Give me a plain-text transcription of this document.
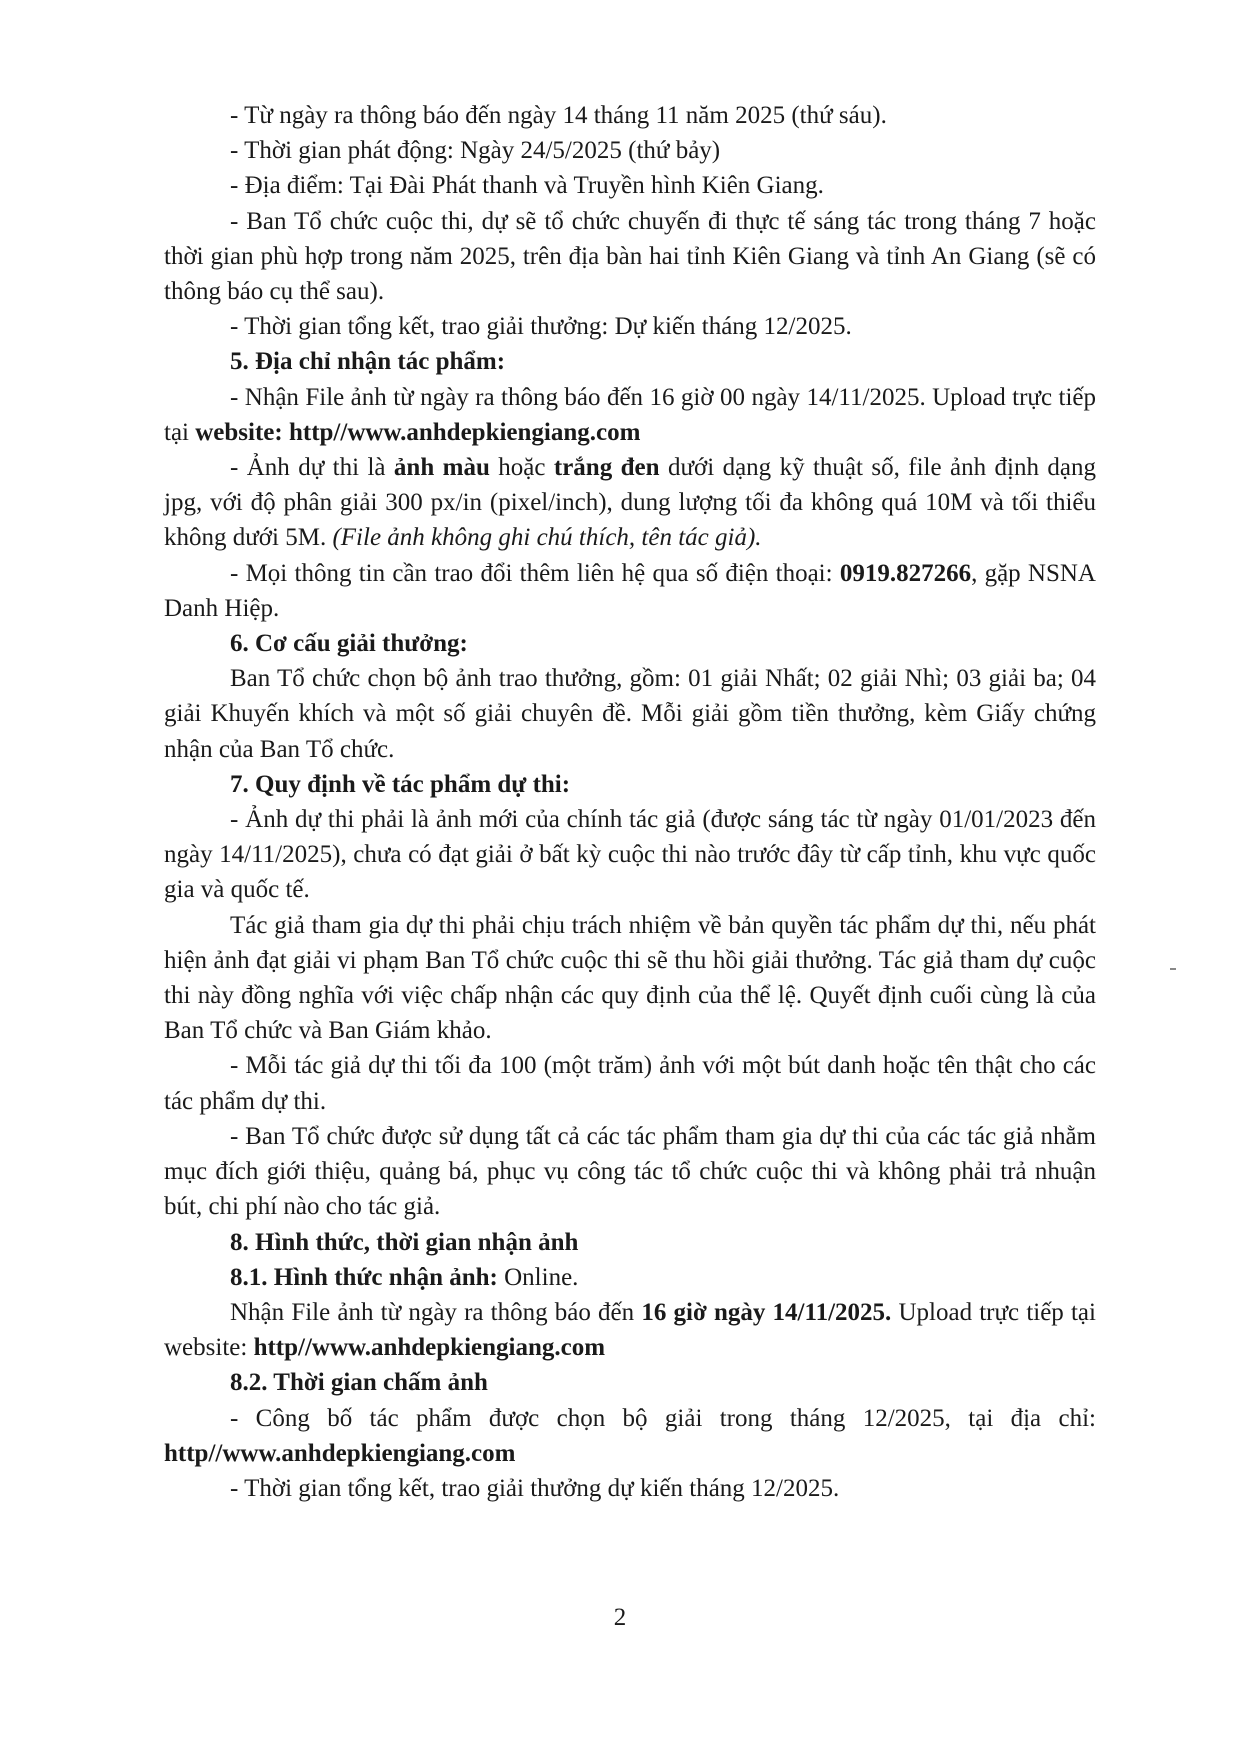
- Từ ngày ra thông báo đến ngày 14 tháng 11 năm 2025 (thứ sáu).

- Thời gian phát động: Ngày 24/5/2025 (thứ bảy)

- Địa điểm: Tại Đài Phát thanh và Truyền hình Kiên Giang.

- Ban Tổ chức cuộc thi, dự sẽ tổ chức chuyến đi thực tế sáng tác trong tháng 7 hoặc thời gian phù hợp trong năm 2025, trên địa bàn hai tỉnh Kiên Giang và tỉnh An Giang (sẽ có thông báo cụ thể sau).

- Thời gian tổng kết, trao giải thưởng: Dự kiến tháng 12/2025.

5. Địa chỉ nhận tác phẩm:

- Nhận File ảnh từ ngày ra thông báo đến 16 giờ 00 ngày 14/11/2025. Upload trực tiếp tại website: http//www.anhdepkiengiang.com

- Ảnh dự thi là ảnh màu hoặc trắng đen dưới dạng kỹ thuật số, file ảnh định dạng jpg, với độ phân giải 300 px/in (pixel/inch), dung lượng tối đa không quá 10M và tối thiểu không dưới 5M. (File ảnh không ghi chú thích, tên tác giả).

- Mọi thông tin cần trao đổi thêm liên hệ qua số điện thoại: 0919.827266, gặp NSNA Danh Hiệp.

6. Cơ cấu giải thưởng:

Ban Tổ chức chọn bộ ảnh trao thưởng, gồm: 01 giải Nhất; 02 giải Nhì; 03 giải ba; 04 giải Khuyến khích và một số giải chuyên đề. Mỗi giải gồm tiền thưởng, kèm Giấy chứng nhận của Ban Tổ chức.

7. Quy định về tác phẩm dự thi:

- Ảnh dự thi phải là ảnh mới của chính tác giả (được sáng tác từ ngày 01/01/2023 đến ngày 14/11/2025), chưa có đạt giải ở bất kỳ cuộc thi nào trước đây từ cấp tỉnh, khu vực quốc gia và quốc tế.

Tác giả tham gia dự thi phải chịu trách nhiệm về bản quyền tác phẩm dự thi, nếu phát hiện ảnh đạt giải vi phạm Ban Tổ chức cuộc thi sẽ thu hồi giải thưởng. Tác giả tham dự cuộc thi này đồng nghĩa với việc chấp nhận các quy định của thể lệ. Quyết định cuối cùng là của Ban Tổ chức và Ban Giám khảo.

- Mỗi tác giả dự thi tối đa 100 (một trăm) ảnh với một bút danh hoặc tên thật cho các tác phẩm dự thi.

- Ban Tổ chức được sử dụng tất cả các tác phẩm tham gia dự thi của các tác giả nhằm mục đích giới thiệu, quảng bá, phục vụ công tác tổ chức cuộc thi và không phải trả nhuận bút, chi phí nào cho tác giả.

8. Hình thức, thời gian nhận ảnh

8.1. Hình thức nhận ảnh: Online.

Nhận File ảnh từ ngày ra thông báo đến 16 giờ ngày 14/11/2025. Upload trực tiếp tại website: http//www.anhdepkiengiang.com

8.2. Thời gian chấm ảnh

- Công bố tác phẩm được chọn bộ giải trong tháng 12/2025, tại địa chỉ: http//www.anhdepkiengiang.com

- Thời gian tổng kết, trao giải thưởng dự kiến tháng 12/2025.

2
